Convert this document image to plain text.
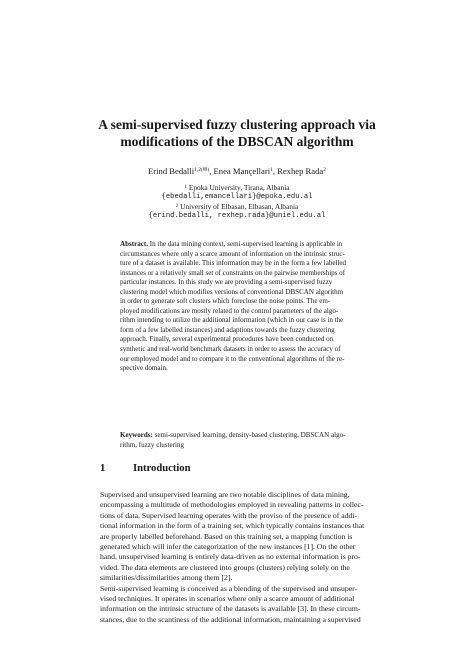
A semi-supervised fuzzy clustering approach via
modifications of the DBSCAN algorithm
Erind Bedalli$^{1,2(✉)}$, Enea Mançellari$^1$, Rexhep Rada$^2$
$^1$ Epoka University, Tirana, Albania
{ebedalli,emancellari}@epoka.edu.al
$^2$ University of Elbasan, Elbasan, Albania
{erind.bedalli, rexhep.rada}@uniel.edu.al
Abstract. In the data mining context, semi-supervised learning is applicable in
circumstances where only a scarce amount of information on the intrinsic struc-
ture of a dataset is available. This information may be in the form a few labelled
instances or a relatively small set of constraints on the pairwise memberships of
particular instances. In this study we are providing a semi-supervised fuzzy
clustering model which modifies versions of conventional DBSCAN algorithm
in order to generate soft clusters which foreclose the noise points. The em-
ployed modifications are mostly related to the control parameters of the algo-
rithm intending to utilize the additional information (which in our case is in the
form of a few labelled instances) and adaptions towards the fuzzy clustering
approach. Finally, several experimental procedures have been conducted on
synthetic and real-world benchmark datasets in order to assess the accuracy of
our employed model and to compare it to the conventional algorithms of the re-
spective domain.
Keywords: semi-supervised learning, density-based clustering, DBSCAN algo-
rithm, fuzzy clustering
1	Introduction
Supervised and unsupervised learning are two notable disciplines of data mining,
encompassing a multitude of methodologies employed in revealing patterns in collec-
tions of data. Supervised learning operates with the proviso of the presence of addi-
tional information in the form of a training set, which typically contains instances that
are properly labelled beforehand. Based on this training set, a mapping function is
generated which will infer the categorization of the new instances [1]. On the other
hand, unsupervised learning is entirely data-driven as no external information is pro-
vided. The data elements are clustered into groups (clusters) relying solely on the
similarities/dissimilarities among them [2].
Semi-supervised learning is conceived as a blending of the supervised and unsuper-
vised techniques. It operates in scenarios where only a scarce amount of additional
information on the intrinsic structure of the datasets is available [3]. In these circum-
stances, due to the scantiness of the additional information, maintaining a supervised
